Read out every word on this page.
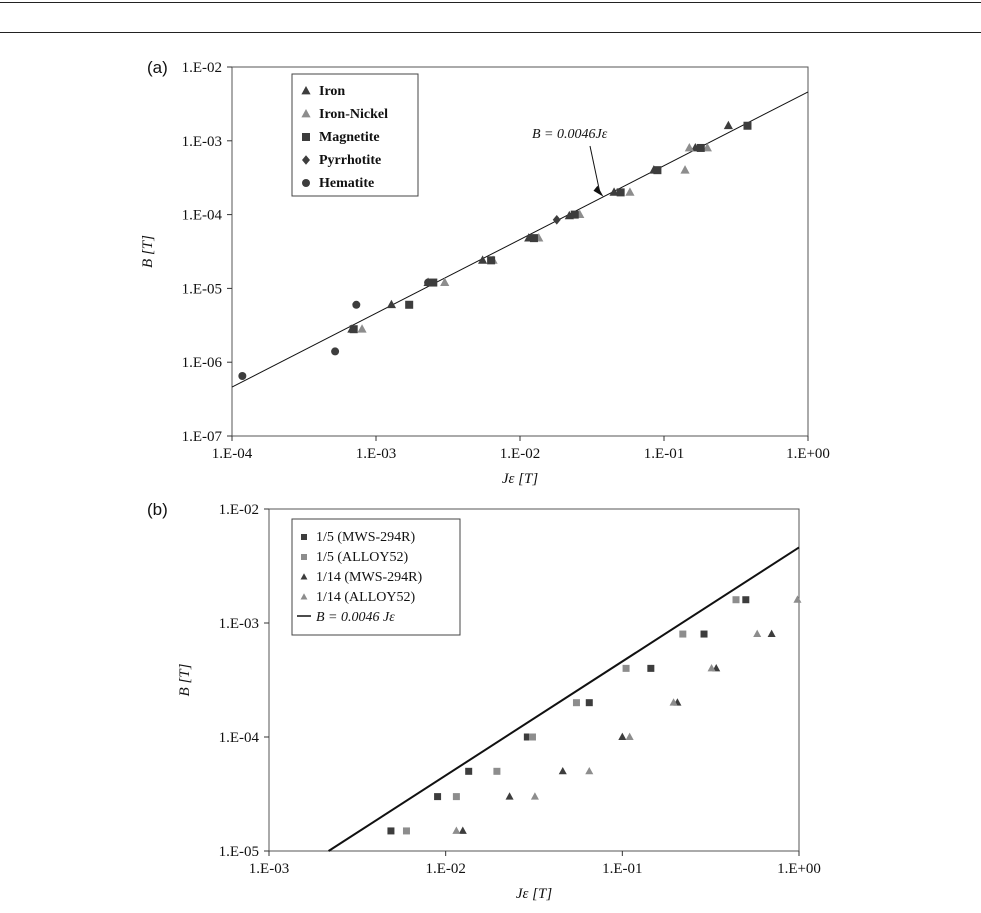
(a)
(b)
1.E-07
1.E-06
1.E-05
1.E-04
1.E-03
1.E-02
1.E-04	1.E-03	1.E-02	1.E-01	1.E+00
Jε [T]
B [T]
Iron
Iron-Nickel
Magnetite
Pyrrhotite
Hematite
B = 0.0046Jε
1.E-05
1.E-04
1.E-03
1.E-02
1.E-03	1.E-02	1.E-01	1.E+00
Jε [T]
B [T]
1/5 (MWS-294R)
1/5 (ALLOY52)
1/14 (MWS-294R)
1/14 (ALLOY52)
B = 0.0046 Jε
